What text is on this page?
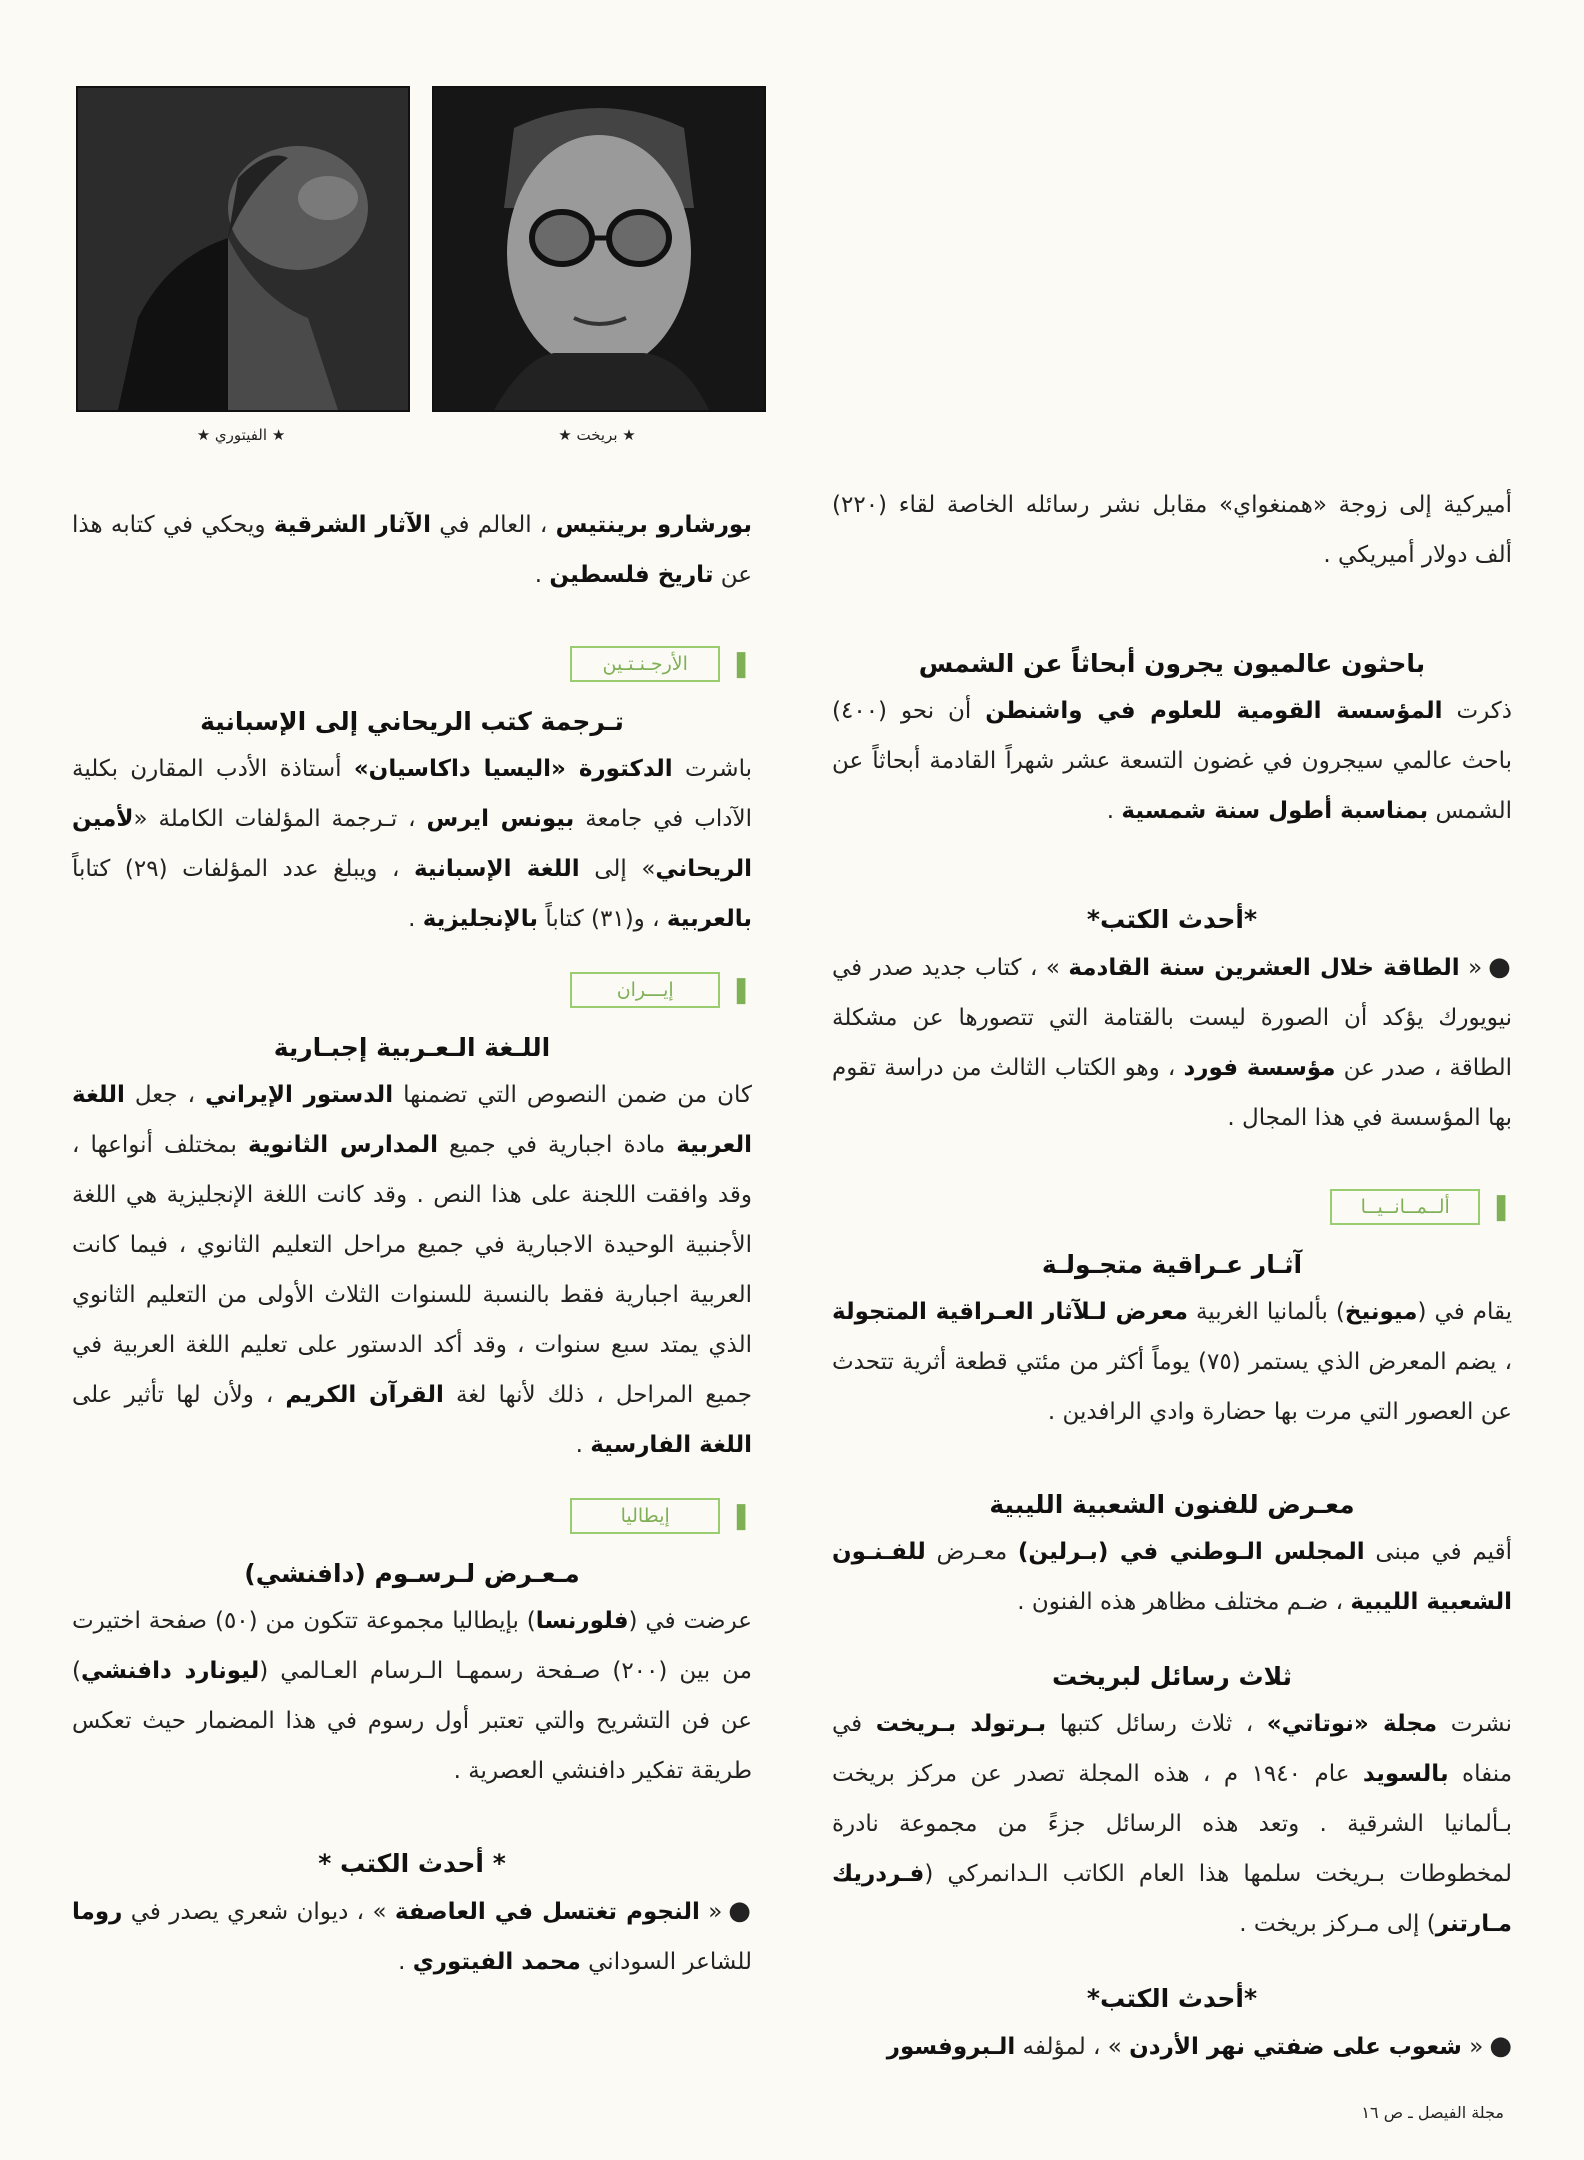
★ الفيتوري ★	★ بريخت ★

أميركية إلى زوجة «همنغواي» مقابل نشر رسائله الخاصة لقاء (٢٢٠) ألف دولار أميريكي .

باحثون عالميون يجرون أبحاثاً عن الشمس

ذكرت المؤسسة القومية للعلوم في واشنطن أن نحو (٤٠٠) باحث عالمي سيجرون في غضون التسعة عشر شهراً القادمة أبحاثاً عن الشمس بمناسبة أطول سنة شمسية .

*أحدث الكتب*

●« الطاقة خلال العشرين سنة القادمة » ، كتاب جديد صدر في نيويورك يؤكد أن الصورة ليست بالقتامة التي تتصورها عن مشكلة الطاقة ، صدر عن مؤسسة فورد ، وهو الكتاب الثالث من دراسة تقوم بها المؤسسة في هذا المجال .

❚
ألــمــانــيــا
آثـار عـراقية متجـولـة

يقام في (ميونيخ) بألمانيا الغربية معرض لـلآثار العـراقية المتجولة ، يضم المعرض الذي يستمر (٧٥) يوماً أكثر من مئتي قطعة أثرية تتحدث عن العصور التي مرت بها حضارة وادي الرافدين .

معـرض للفنون الشعبية الليبية

أقيم في مبنى المجلس الـوطني في (بـرلين) معـرض للفـنـون الشعبية الليبية ، ضـم مختلف مظاهر هذه الفنون .

ثلاث رسائل لبريخت

نشرت مجلة «نوتاتي» ، ثلاث رسائل كتبها بـرتولد بـريخت في منفاه بالسويد عام ١٩٤٠ م ، هذه المجلة تصدر عن مركز بريخت بـألمانيا الشرقية . وتعد هذه الرسائل جزءً من مجموعة نادرة لمخطوطات بـريخت سلمها هذا العام الكاتب الـدانمركي (فـردريك مـارتنر) إلى مـركز بريخت .

*أحدث الكتب*

●« شعوب على ضفتي نهر الأردن » ، لمؤلفه الـبروفسور

بورشارو برينتيس ، العالم في الآثار الشرقية ويحكي في كتابه هذا عن تاريخ فلسطين .

❚
الأرجـنـتـين
تـرجمة كتب الريحاني إلى الإسبانية

باشرت الدكتورة «اليسيا داكاسيان» أستاذة الأدب المقارن بكلية الآداب في جامعة بيونس ايرس ، تـرجمة المؤلفات الكاملة «لأمين الريحاني» إلى اللغة الإسبانية ، ويبلغ عدد المؤلفات (٢٩) كتاباً بالعربية ، و(٣١) كتاباً بالإنجليزية .

❚
إيـــران
اللـغة الـعـربية إجبـارية

كان من ضمن النصوص التي تضمنها الدستور الإيراني ، جعل اللغة العربية مادة اجبارية في جميع المدارس الثانوية بمختلف أنواعها ، وقد وافقت اللجنة على هذا النص . وقد كانت اللغة الإنجليزية هي اللغة الأجنبية الوحيدة الاجبارية في جميع مراحل التعليم الثانوي ، فيما كانت العربية اجبارية فقط بالنسبة للسنوات الثلاث الأولى من التعليم الثانوي الذي يمتد سبع سنوات ، وقد أكد الدستور على تعليم اللغة العربية في جميع المراحل ، ذلك لأنها لغة القرآن الكريم ، ولأن لها تأثير على اللغة الفارسية .

❚
إيطاليا
مـعـرض لـرسـوم (دافنشي)

عرضت في (فلورنسا) بإيطاليا مجموعة تتكون من (٥٠) صفحة اختيرت من بين (٢٠٠) صـفحة رسمهـا الـرسام العـالمي (ليونارد دافنشي) عن فن التشريح والتي تعتبر أول رسوم في هذا المضمار حيث تعكس طريقة تفكير دافنشي العصرية .

* أحدث الكتب *

●« النجوم تغتسل في العاصفة » ، ديوان شعري يصدر في روما للشاعر السوداني محمد الفيتوري .

مجلة الفيصل ـ ص ١٦
